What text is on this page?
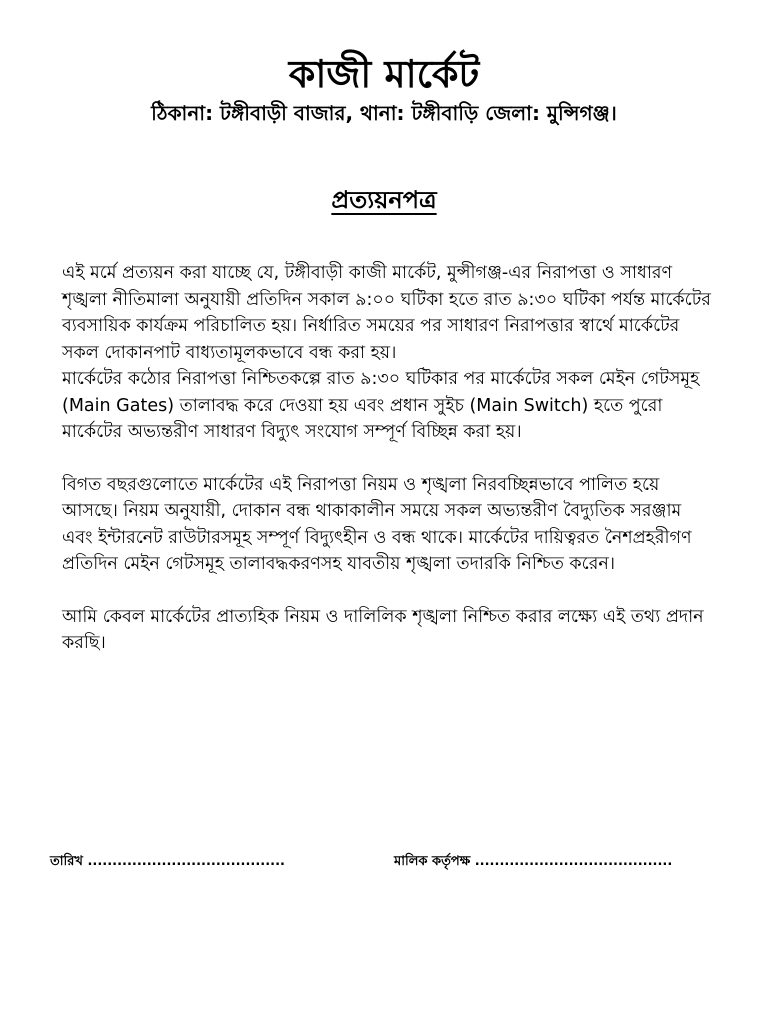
কাজী মার্কেট
ঠিকানা: টঙ্গীবাড়ী বাজার, থানা: টঙ্গীবাড়ি জেলা: মুন্সিগঞ্জ।
প্রত্যয়নপত্র

এই মর্মে প্রত্যয়ন করা যাচ্ছে যে, টঙ্গীবাড়ী কাজী মার্কেট, মুন্সীগঞ্জ-এর নিরাপত্তা ও সাধারণ শৃঙ্খলা নীতিমালা অনুযায়ী প্রতিদিন সকাল ৯:০০ ঘটিকা হতে রাত ৯:৩০ ঘটিকা পর্যন্ত মার্কেটের ব্যবসায়িক কার্যক্রম পরিচালিত হয়। নির্ধারিত সময়ের পর সাধারণ নিরাপত্তার স্বার্থে মার্কেটের সকল দোকানপাট বাধ্যতামূলকভাবে বন্ধ করা হয়।

মার্কেটের কঠোর নিরাপত্তা নিশ্চিতকল্পে রাত ৯:৩০ ঘটিকার পর মার্কেটের সকল মেইন গেটসমূহ (Main Gates) তালাবদ্ধ করে দেওয়া হয় এবং প্রধান সুইচ (Main Switch) হতে পুরো মার্কেটের অভ্যন্তরীণ সাধারণ বিদ্যুৎ সংযোগ সম্পূর্ণ বিচ্ছিন্ন করা হয়।

বিগত বছরগুলোতে মার্কেটের এই নিরাপত্তা নিয়ম ও শৃঙ্খলা নিরবচ্ছিন্নভাবে পালিত হয়ে আসছে। নিয়ম অনুযায়ী, দোকান বন্ধ থাকাকালীন সময়ে সকল অভ্যন্তরীণ বৈদ্যুতিক সরঞ্জাম এবং ইন্টারনেট রাউটারসমূহ সম্পূর্ণ বিদ্যুৎহীন ও বন্ধ থাকে। মার্কেটের দায়িত্বরত নৈশপ্রহরীগণ প্রতিদিন মেইন গেটসমূহ তালাবদ্ধকরণসহ যাবতীয় শৃঙ্খলা তদারকি নিশ্চিত করেন।

আমি কেবল মার্কেটের প্রাত্যহিক নিয়ম ও দালিলিক শৃঙ্খলা নিশ্চিত করার লক্ষ্যে এই তথ্য প্রদান করছি।

তারিখ ........................................	মালিক কর্তৃপক্ষ ........................................
